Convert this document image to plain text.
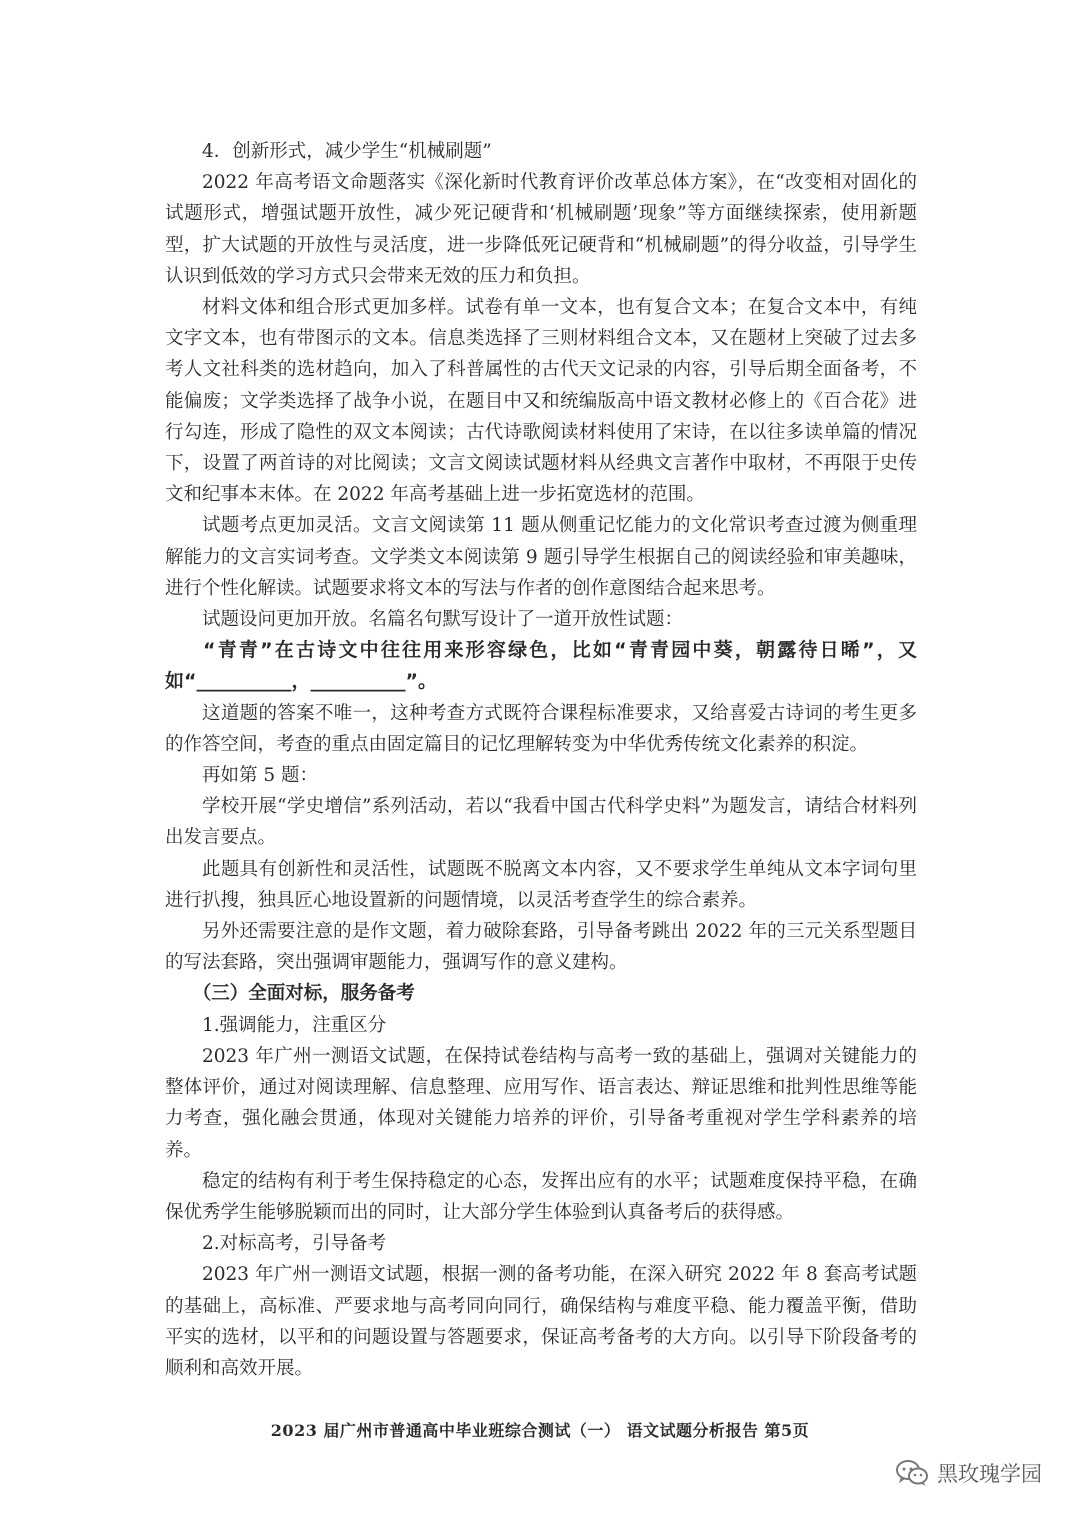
4．创新形式，减少学生“机械刷题”

2022 年高考语文命题落实《深化新时代教育评价改革总体方案》，在“改变相对固化的试题形式，增强试题开放性，减少死记硬背和‘机械刷题’现象”等方面继续探索，使用新题型，扩大试题的开放性与灵活度，进一步降低死记硬背和“机械刷题”的得分收益，引导学生认识到低效的学习方式只会带来无效的压力和负担。

材料文体和组合形式更加多样。试卷有单一文本，也有复合文本；在复合文本中，有纯文字文本，也有带图示的文本。信息类选择了三则材料组合文本，又在题材上突破了过去多考人文社科类的选材趋向，加入了科普属性的古代天文记录的内容，引导后期全面备考，不能偏废；文学类选择了战争小说，在题目中又和统编版高中语文教材必修上的《百合花》进行勾连，形成了隐性的双文本阅读；古代诗歌阅读材料使用了宋诗，在以往多读单篇的情况下，设置了两首诗的对比阅读；文言文阅读试题材料从经典文言著作中取材，不再限于史传文和纪事本末体。在 2022 年高考基础上进一步拓宽选材的范围。

试题考点更加灵活。文言文阅读第 11 题从侧重记忆能力的文化常识考查过渡为侧重理解能力的文言实词考查。文学类文本阅读第 9 题引导学生根据自己的阅读经验和审美趣味，进行个性化解读。试题要求将文本的写法与作者的创作意图结合起来思考。

试题设问更加开放。名篇名句默写设计了一道开放性试题：

“青青”在古诗文中往往用来形容绿色，比如“青青园中葵，朝露待日晞”，又如“__________，__________”。

这道题的答案不唯一，这种考查方式既符合课程标准要求，又给喜爱古诗词的考生更多的作答空间，考查的重点由固定篇目的记忆理解转变为中华优秀传统文化素养的积淀。

再如第 5 题：

学校开展“学史增信”系列活动，若以“我看中国古代科学史料”为题发言，请结合材料列出发言要点。

此题具有创新性和灵活性，试题既不脱离文本内容，又不要求学生单纯从文本字词句里进行扒搜，独具匠心地设置新的问题情境，以灵活考查学生的综合素养。

另外还需要注意的是作文题，着力破除套路，引导备考跳出 2022 年的三元关系型题目的写法套路，突出强调审题能力，强调写作的意义建构。

（三）全面对标，服务备考

1.强调能力，注重区分

2023 年广州一测语文试题，在保持试卷结构与高考一致的基础上，强调对关键能力的整体评价，通过对阅读理解、信息整理、应用写作、语言表达、辩证思维和批判性思维等能力考查，强化融会贯通，体现对关键能力培养的评价，引导备考重视对学生学科素养的培养。

稳定的结构有利于考生保持稳定的心态，发挥出应有的水平；试题难度保持平稳，在确保优秀学生能够脱颖而出的同时，让大部分学生体验到认真备考后的获得感。

2.对标高考，引导备考

2023 年广州一测语文试题，根据一测的备考功能，在深入研究 2022 年 8 套高考试题的基础上，高标准、严要求地与高考同向同行，确保结构与难度平稳、能力覆盖平衡，借助平实的选材，以平和的问题设置与答题要求，保证高考备考的大方向。以引导下阶段备考的顺利和高效开展。

2023 届广州市普通高中毕业班综合测试（一） 语文试题分析报告 第5页
黑玫瑰学园
